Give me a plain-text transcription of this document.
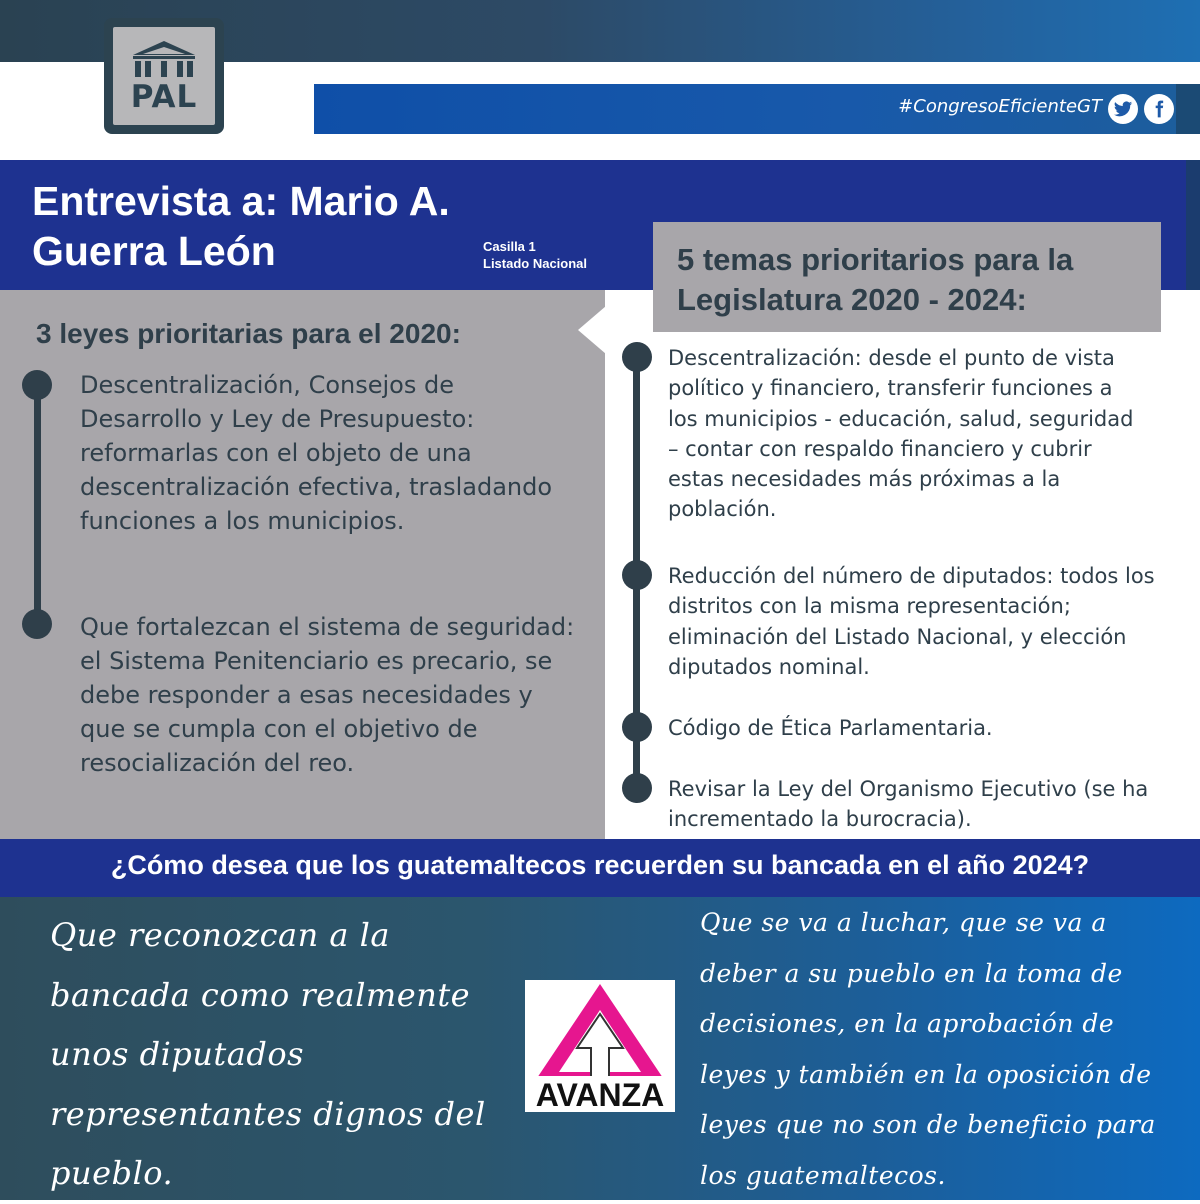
PAL	#CongresoEficienteGT
Entrevista a: Mario A. Guerra León	Casilla 1
Listado Nacional
3 leyes prioritarias para el 2020:
Descentralización, Consejos de Desarrollo y Ley de Presupuesto: reformarlas con el objeto de una descentralización efectiva, trasladando funciones a los municipios.
Que fortalezcan el sistema de seguridad: el Sistema Penitenciario es precario, se debe responder a esas necesidades y que se cumpla con el objetivo de resocialización del reo.
5 temas prioritarios para la
Legislatura 2020 - 2024:
Descentralización: desde el punto de vista político y financiero, transferir funciones a los municipios - educación, salud, seguridad – contar con respaldo financiero y cubrir estas necesidades más próximas a la población.
Reducción del número de diputados: todos los distritos con la misma representación; eliminación del Listado Nacional, y elección diputados nominal.
Código de Ética Parlamentaria.
Revisar la Ley del Organismo Ejecutivo (se ha incrementado la burocracia).
¿Cómo desea que los guatemaltecos recuerden su bancada en el año 2024?
Que reconozcan a la bancada como realmente unos diputados representantes dignos del pueblo.
AVANZA
Que se va a luchar, que se va a deber a su pueblo en la toma de decisiones, en la aprobación de leyes y también en la oposición de leyes que no son de beneficio para los guatemaltecos.
